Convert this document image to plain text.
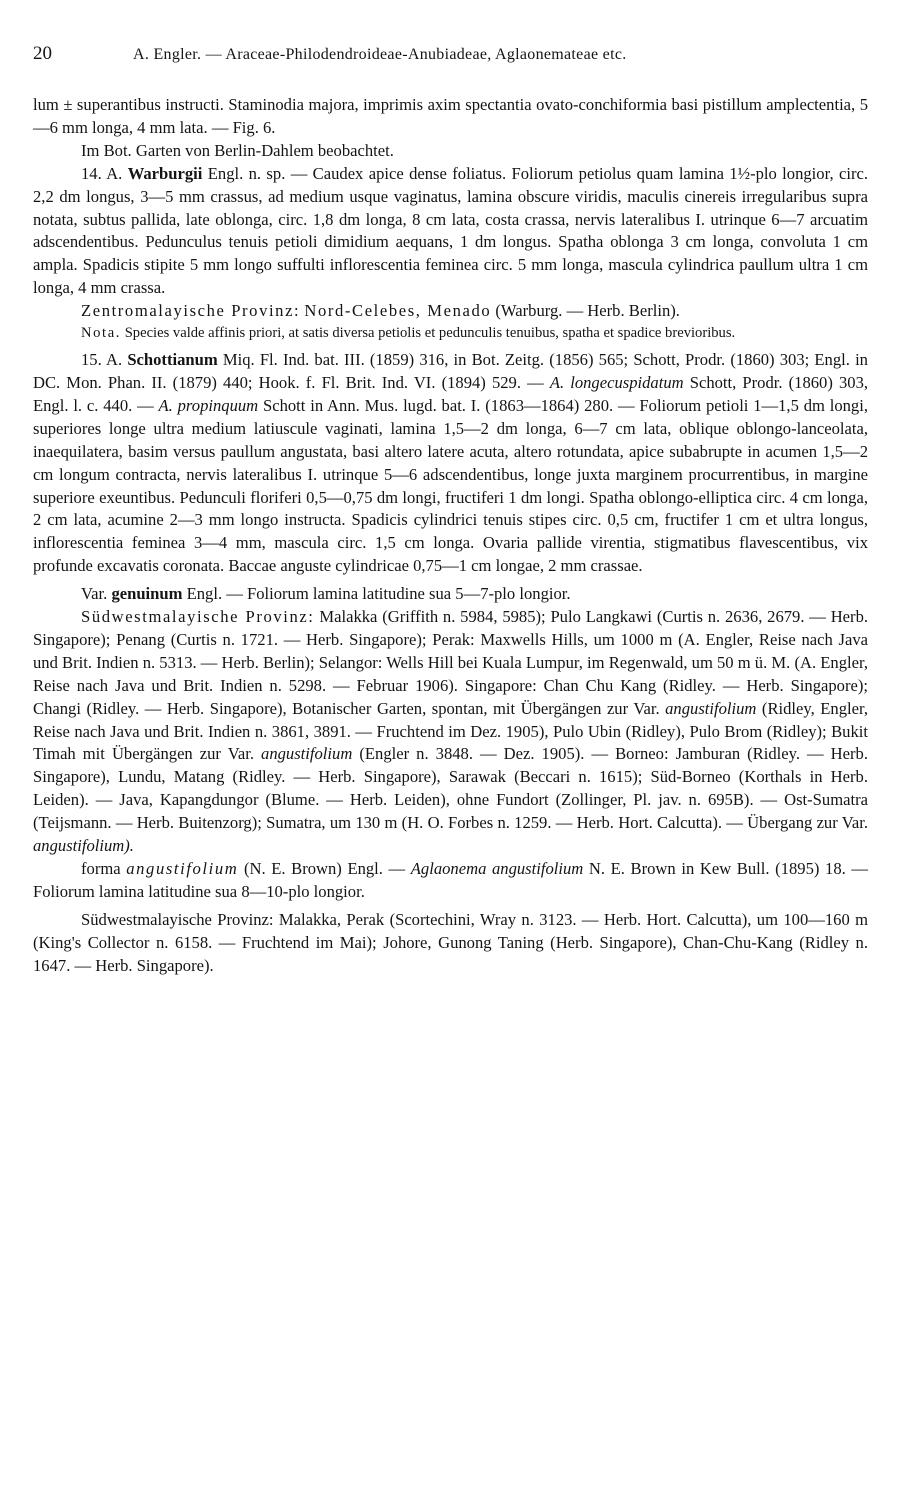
20	A. Engler. — Araceae-Philodendroideae-Anubiadeae, Aglaonemateae etc.

lum ± superantibus instructi. Staminodia majora, imprimis axim spectantia ovato-conchiformia basi pistillum amplectentia, 5—6 mm longa, 4 mm lata. — Fig. 6.

Im Bot. Garten von Berlin-Dahlem beobachtet.

14. A. Warburgii Engl. n. sp. — Caudex apice dense foliatus. Foliorum petiolus quam lamina 1½-plo longior, circ. 2,2 dm longus, 3—5 mm crassus, ad medium usque vaginatus, lamina obscure viridis, maculis cinereis irregularibus supra notata, subtus pallida, late oblonga, circ. 1,8 dm longa, 8 cm lata, costa crassa, nervis lateralibus I. utrinque 6—7 arcuatim adscendentibus. Pedunculus tenuis petioli dimidium aequans, 1 dm longus. Spatha oblonga 3 cm longa, convoluta 1 cm ampla. Spadicis stipite 5 mm longo suffulti inflorescentia feminea circ. 5 mm longa, mascula cylindrica paullum ultra 1 cm longa, 4 mm crassa.

Zentromalayische Provinz: Nord-Celebes, Menado (Warburg. — Herb. Berlin).

Nota. Species valde affinis priori, at satis diversa petiolis et pedunculis tenuibus, spatha et spadice brevioribus.

15. A. Schottianum Miq. Fl. Ind. bat. III. (1859) 316, in Bot. Zeitg. (1856) 565; Schott, Prodr. (1860) 303; Engl. in DC. Mon. Phan. II. (1879) 440; Hook. f. Fl. Brit. Ind. VI. (1894) 529. — A. longecuspidatum Schott, Prodr. (1860) 303, Engl. l. c. 440. — A. propinquum Schott in Ann. Mus. lugd. bat. I. (1863—1864) 280. — Foliorum petioli 1—1,5 dm longi, superiores longe ultra medium latiuscule vaginati, lamina 1,5—2 dm longa, 6—7 cm lata, oblique oblongo-lanceolata, inaequilatera, basim versus paullum angustata, basi altero latere acuta, altero rotundata, apice subabrupte in acumen 1,5—2 cm longum contracta, nervis lateralibus I. utrinque 5—6 adscendentibus, longe juxta marginem procurrentibus, in margine superiore exeuntibus. Pedunculi floriferi 0,5—0,75 dm longi, fructiferi 1 dm longi. Spatha oblongo-elliptica circ. 4 cm longa, 2 cm lata, acumine 2—3 mm longo instructa. Spadicis cylindrici tenuis stipes circ. 0,5 cm, fructifer 1 cm et ultra longus, inflorescentia feminea 3—4 mm, mascula circ. 1,5 cm longa. Ovaria pallide virentia, stigmatibus flavescentibus, vix profunde excavatis coronata. Baccae anguste cylindricae 0,75—1 cm longae, 2 mm crassae.

Var. genuinum Engl. — Foliorum lamina latitudine sua 5—7-plo longior.

Südwestmalayische Provinz: Malakka (Griffith n. 5984, 5985); Pulo Langkawi (Curtis n. 2636, 2679. — Herb. Singapore); Penang (Curtis n. 1721. — Herb. Singapore); Perak: Maxwells Hills, um 1000 m (A. Engler, Reise nach Java und Brit. Indien n. 5313. — Herb. Berlin); Selangor: Wells Hill bei Kuala Lumpur, im Regenwald, um 50 m ü. M. (A. Engler, Reise nach Java und Brit. Indien n. 5298. — Februar 1906). Singapore: Chan Chu Kang (Ridley. — Herb. Singapore); Changi (Ridley. — Herb. Singapore), Botanischer Garten, spontan, mit Übergängen zur Var. angustifolium (Ridley, Engler, Reise nach Java und Brit. Indien n. 3861, 3891. — Fruchtend im Dez. 1905), Pulo Ubin (Ridley), Pulo Brom (Ridley); Bukit Timah mit Übergängen zur Var. angustifolium (Engler n. 3848. — Dez. 1905). — Borneo: Jamburan (Ridley. — Herb. Singapore), Lundu, Matang (Ridley. — Herb. Singapore), Sarawak (Beccari n. 1615); Süd-Borneo (Korthals in Herb. Leiden). — Java, Kapangdungor (Blume. — Herb. Leiden), ohne Fundort (Zollinger, Pl. jav. n. 695B). — Ost-Sumatra (Teijsmann. — Herb. Buitenzorg); Sumatra, um 130 m (H. O. Forbes n. 1259. — Herb. Hort. Calcutta). — Übergang zur Var. angustifolium).

forma angustifolium (N. E. Brown) Engl. — Aglaonema angustifolium N. E. Brown in Kew Bull. (1895) 18. — Foliorum lamina latitudine sua 8—10-plo longior.

Südwestmalayische Provinz: Malakka, Perak (Scortechini, Wray n. 3123. — Herb. Hort. Calcutta), um 100—160 m (King's Collector n. 6158. — Fruchtend im Mai); Johore, Gunong Taning (Herb. Singapore), Chan-Chu-Kang (Ridley n. 1647. — Herb. Singapore).
